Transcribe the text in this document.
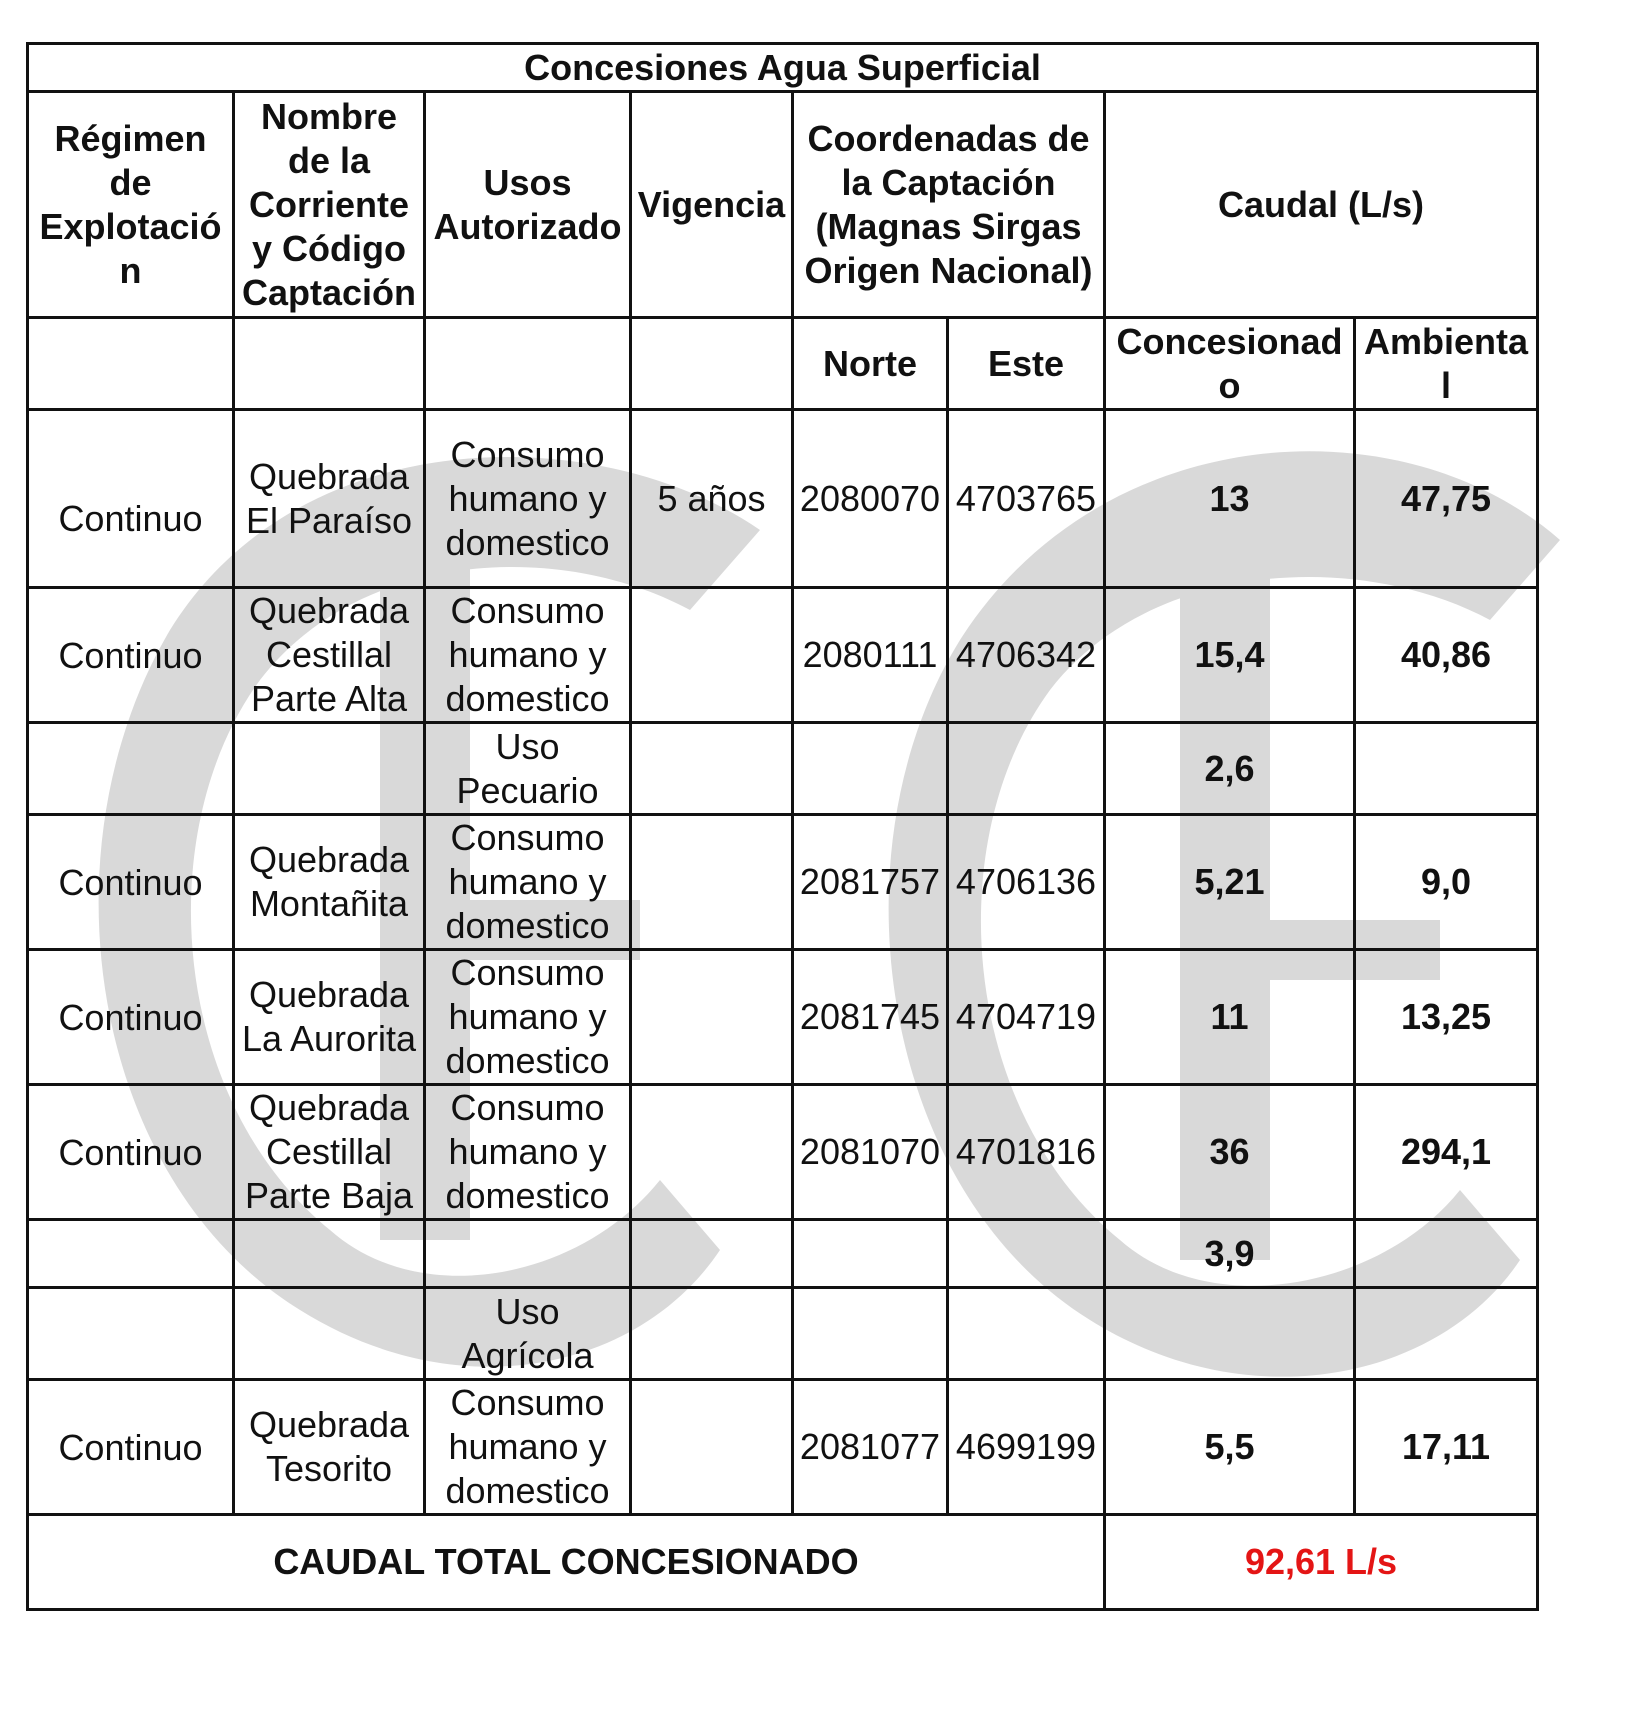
Concesiones Agua Superficial							
Régimen de Explotació n	Nombre de la Corriente y Código Captación	Usos Autorizado	Vigencia	Coordenadas de la Captación (Magnas Sirgas Origen Nacional)		Caudal (L/s)	
				Norte	Este	Concesionad o	Ambienta l
Continuo	Quebrada El Paraíso	Consumo humano y domestico	5 años	2080070	4703765	13	47,75
Continuo	Quebrada Cestillal Parte Alta	Consumo humano y domestico		2080111	4706342	15,4	40,86
		Uso Pecuario				2,6	
Continuo	Quebrada Montañita	Consumo humano y domestico		2081757	4706136	5,21	9,0
Continuo	Quebrada La Aurorita	Consumo humano y domestico		2081745	4704719	11	13,25
Continuo	Quebrada Cestillal Parte Baja	Consumo humano y domestico		2081070	4701816	36	294,1
						3,9	
		Uso Agrícola					
Continuo	Quebrada Tesorito	Consumo humano y domestico		2081077	4699199	5,5	17,11
CAUDAL TOTAL CONCESIONADO						92,61 L/s	
